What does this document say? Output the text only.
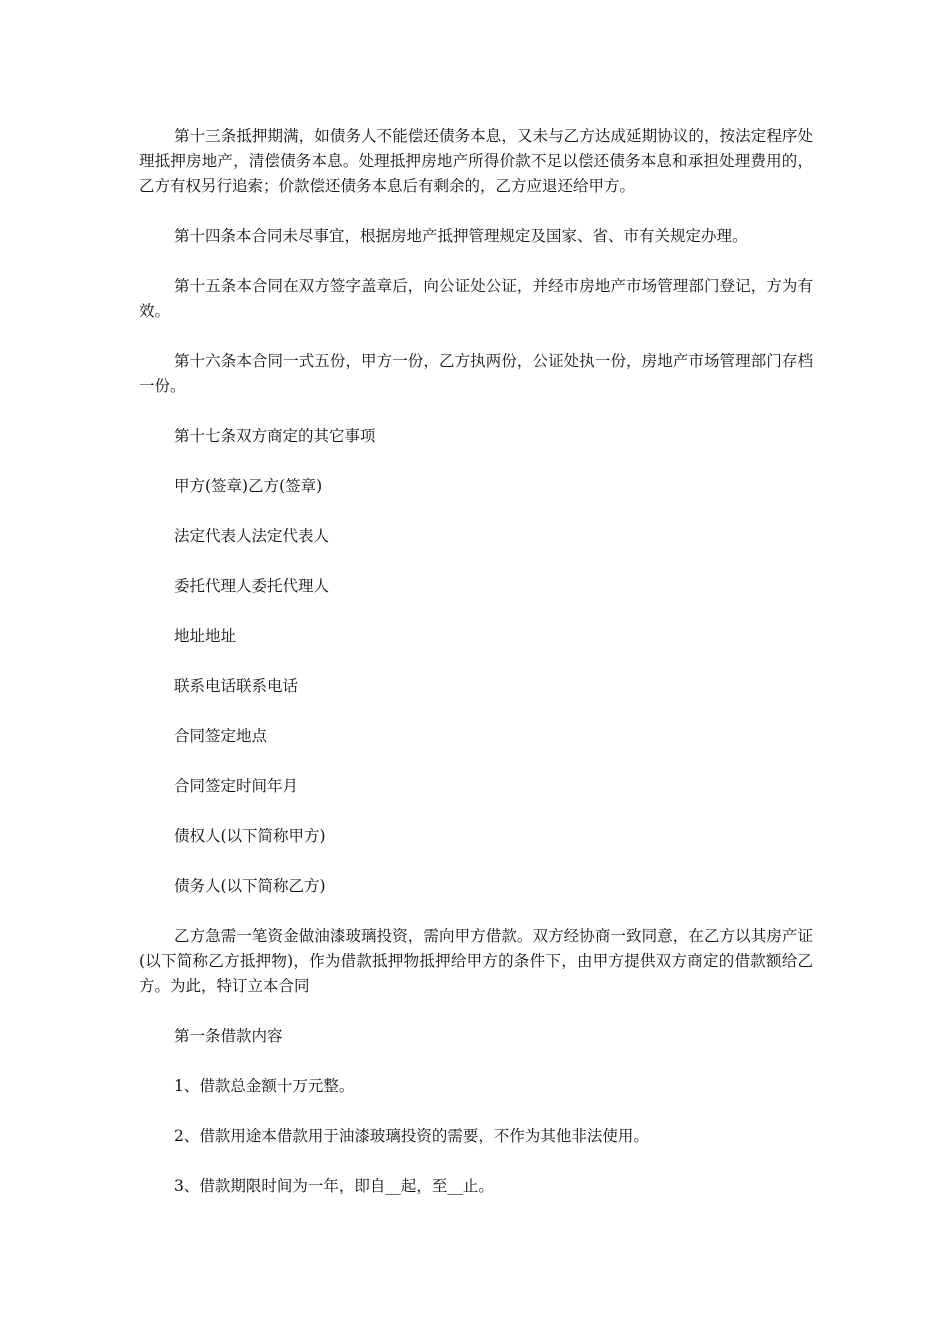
第十三条抵押期满，如债务人不能偿还债务本息，又未与乙方达成延期协议的，按法定程序处理抵押房地产，清偿债务本息。处理抵押房地产所得价款不足以偿还债务本息和承担处理费用的，乙方有权另行追索；价款偿还债务本息后有剩余的，乙方应退还给甲方。

第十四条本合同未尽事宜，根据房地产抵押管理规定及国家、省、市有关规定办理。

第十五条本合同在双方签字盖章后，向公证处公证，并经市房地产市场管理部门登记，方为有效。

第十六条本合同一式五份，甲方一份，乙方执两份，公证处执一份，房地产市场管理部门存档一份。

第十七条双方商定的其它事项

甲方(签章)乙方(签章)

法定代表人法定代表人

委托代理人委托代理人

地址地址

联系电话联系电话

合同签定地点

合同签定时间年月

债权人(以下简称甲方)

债务人(以下简称乙方)

乙方急需一笔资金做油漆玻璃投资，需向甲方借款。双方经协商一致同意，在乙方以其房产证(以下简称乙方抵押物)，作为借款抵押物抵押给甲方的条件下，由甲方提供双方商定的借款额给乙方。为此，特订立本合同

第一条借款内容

1、借款总金额十万元整。

2、借款用途本借款用于油漆玻璃投资的需要，不作为其他非法使用。

3、借款期限时间为一年，即自__起，至__止。
